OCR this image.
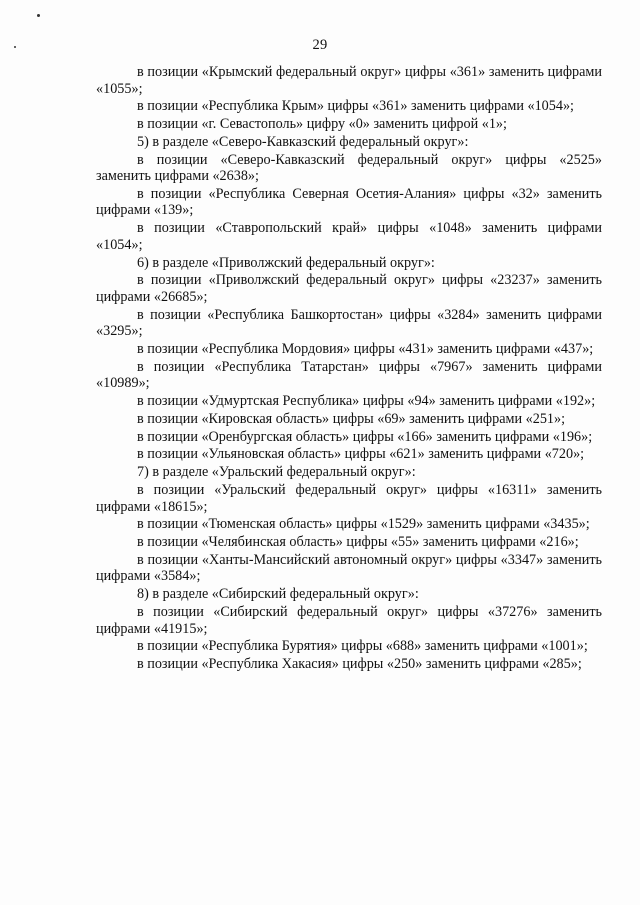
29

в позиции «Крымский федеральный округ» цифры «361» заменить цифрами «1055»;

в позиции «Республика Крым» цифры «361» заменить цифрами «1054»;

в позиции «г. Севастополь» цифру «0» заменить цифрой «1»;

5) в разделе «Северо-Кавказский федеральный округ»:

в позиции «Северо-Кавказский федеральный округ» цифры «2525» заменить цифрами «2638»;

в позиции «Республика Северная Осетия-Алания» цифры «32» заменить цифрами «139»;

в позиции «Ставропольский край» цифры «1048» заменить цифрами «1054»;

6) в разделе «Приволжский федеральный округ»:

в позиции «Приволжский федеральный округ» цифры «23237» заменить цифрами «26685»;

в позиции «Республика Башкортостан» цифры «3284» заменить цифрами «3295»;

в позиции «Республика Мордовия» цифры «431» заменить цифрами «437»;

в позиции «Республика Татарстан» цифры «7967» заменить цифрами «10989»;

в позиции «Удмуртская Республика» цифры «94» заменить цифрами «192»;

в позиции «Кировская область» цифры «69» заменить цифрами «251»;

в позиции «Оренбургская область» цифры «166» заменить цифрами «196»;

в позиции «Ульяновская область» цифры «621» заменить цифрами «720»;

7) в разделе «Уральский федеральный округ»:

в позиции «Уральский федеральный округ» цифры «16311» заменить цифрами «18615»;

в позиции «Тюменская область» цифры «1529» заменить цифрами «3435»;

в позиции «Челябинская область» цифры «55» заменить цифрами «216»;

в позиции «Ханты-Мансийский автономный округ» цифры «3347» заменить цифрами «3584»;

8) в разделе «Сибирский федеральный округ»:

в позиции «Сибирский федеральный округ» цифры «37276» заменить цифрами «41915»;

в позиции «Республика Бурятия» цифры «688» заменить цифрами «1001»;

в позиции «Республика Хакасия» цифры «250» заменить цифрами «285»;
